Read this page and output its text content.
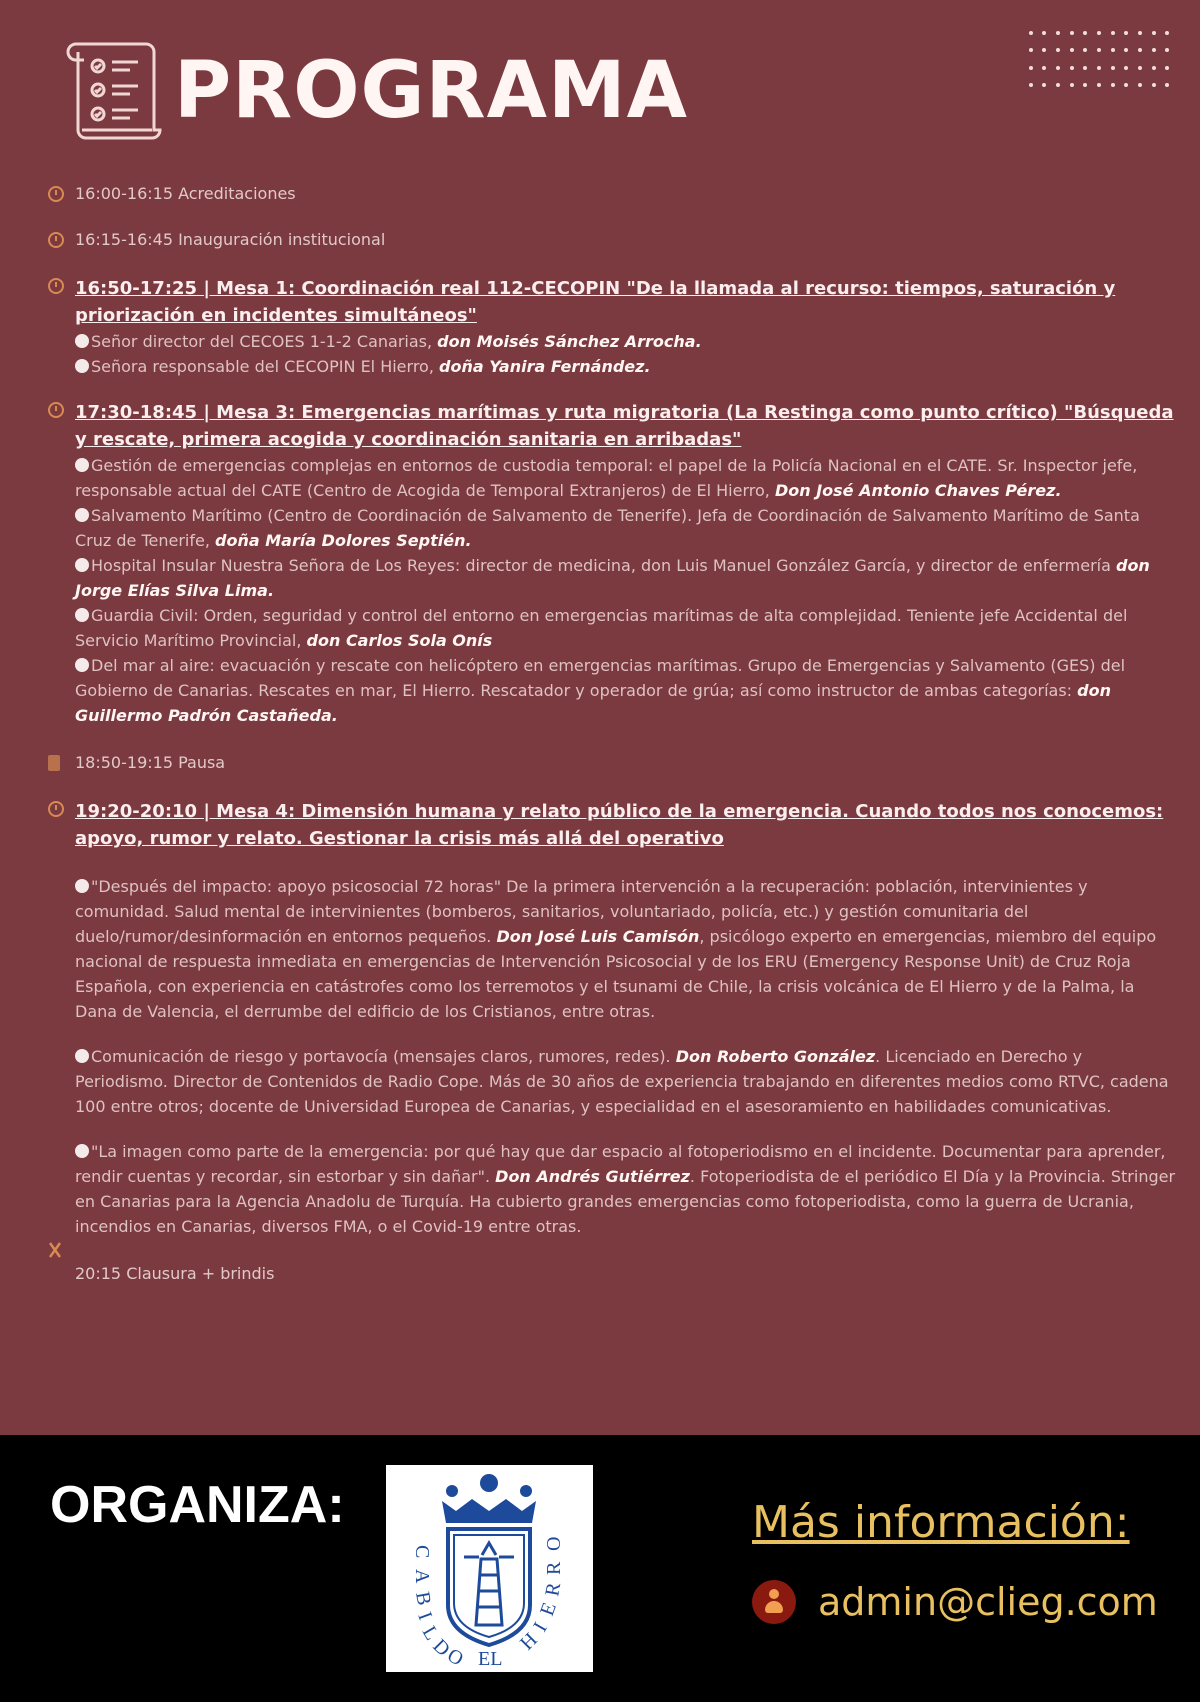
PROGRAMA
16:00-16:15 Acreditaciones
16:15-16:45 Inauguración institucional
16:50-17:25 | Mesa 1: Coordinación real 112-CECOPIN "De la llamada al recurso: tiempos, saturación y priorización en incidentes simultáneos"
Señor director del CECOES 1-1-2 Canarias, don Moisés Sánchez Arrocha.
Señora responsable del CECOPIN El Hierro, doña Yanira Fernández.
17:30-18:45 | Mesa 3: Emergencias marítimas y ruta migratoria (La Restinga como punto crítico) "Búsqueda y rescate, primera acogida y coordinación sanitaria en arribadas"
Gestión de emergencias complejas en entornos de custodia temporal: el papel de la Policía Nacional en el CATE. Sr. Inspector jefe, responsable actual del CATE (Centro de Acogida de Temporal Extranjeros) de El Hierro, Don José Antonio Chaves Pérez.
Salvamento Marítimo (Centro de Coordinación de Salvamento de Tenerife). Jefa de Coordinación de Salvamento Marítimo de Santa Cruz de Tenerife, doña María Dolores Septién.
Hospital Insular Nuestra Señora de Los Reyes: director de medicina, don Luis Manuel González García, y director de enfermería don Jorge Elías Silva Lima.
Guardia Civil: Orden, seguridad y control del entorno en emergencias marítimas de alta complejidad. Teniente jefe Accidental del Servicio Marítimo Provincial, don Carlos Sola Onís
Del mar al aire: evacuación y rescate con helicóptero en emergencias marítimas. Grupo de Emergencias y Salvamento (GES) del Gobierno de Canarias. Rescates en mar, El Hierro. Rescatador y operador de grúa; así como instructor de ambas categorías: don Guillermo Padrón Castañeda.
18:50-19:15 Pausa
19:20-20:10 | Mesa 4: Dimensión humana y relato público de la emergencia. Cuando todos nos conocemos: apoyo, rumor y relato. Gestionar la crisis más allá del operativo
"Después del impacto: apoyo psicosocial 72 horas" De la primera intervención a la recuperación: población, intervinientes y comunidad. Salud mental de intervinientes (bomberos, sanitarios, voluntariado, policía, etc.) y gestión comunitaria del duelo/rumor/desinformación en entornos pequeños. Don José Luis Camisón, psicólogo experto en emergencias, miembro del equipo nacional de respuesta inmediata en emergencias de Intervención Psicosocial y de los ERU (Emergency Response Unit) de Cruz Roja Española, con experiencia en catástrofes como los terremotos y el tsunami de Chile, la crisis volcánica de El Hierro y de la Palma, la Dana de Valencia, el derrumbe del edificio de los Cristianos, entre otras.
Comunicación de riesgo y portavocía (mensajes claros, rumores, redes). Don Roberto González. Licenciado en Derecho y Periodismo. Director de Contenidos de Radio Cope. Más de 30 años de experiencia trabajando en diferentes medios como RTVC, cadena 100 entre otros; docente de Universidad Europea de Canarias, y especialidad en el asesoramiento en habilidades comunicativas.
"La imagen como parte de la emergencia: por qué hay que dar espacio al fotoperiodismo en el incidente. Documentar para aprender, rendir cuentas y recordar, sin estorbar y sin dañar". Don Andrés Gutiérrez. Fotoperiodista de el periódico El Día y la Provincia. Stringer en Canarias para la Agencia Anadolu de Turquía. Ha cubierto grandes emergencias como fotoperiodista, como la guerra de Ucrania, incendios en Canarias, diversos FMA, o el Covid-19 entre otras.
20:15 Clausura + brindis
ORGANIZA:
C
A
B
I
L
D
O EL
H
I
E
R
R
O	Más información:
admin@clieg.com
